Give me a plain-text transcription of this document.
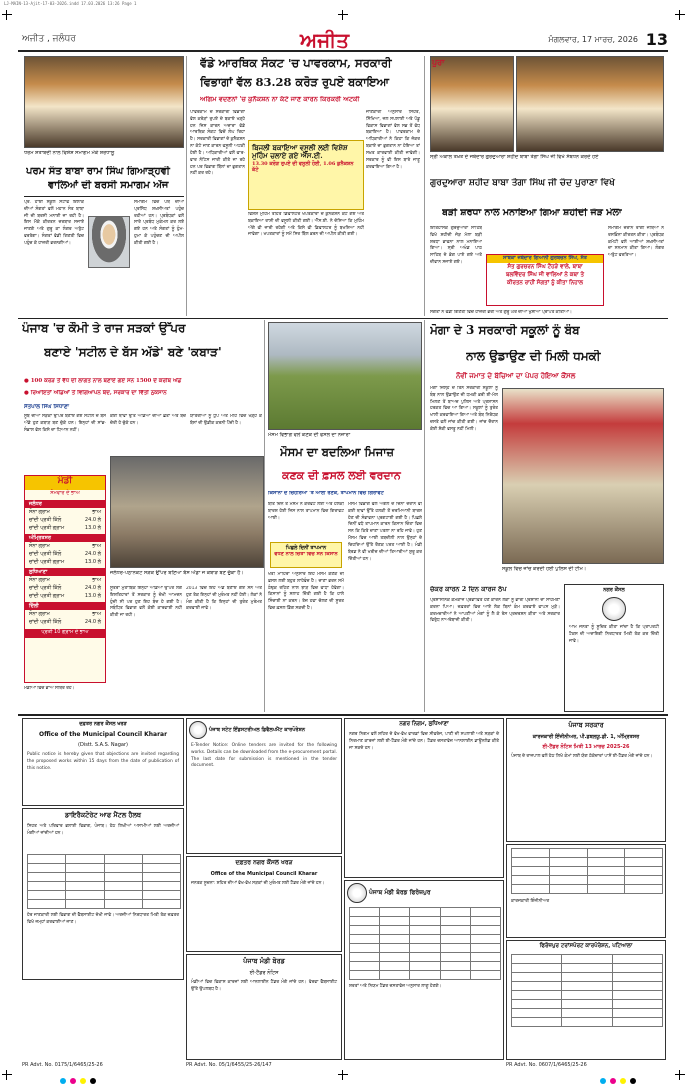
LJ-MAIN-13-Ajit-17-03-2026.indd 17.03.2026 13:26 Page 1
ਅਜੀਤ , ਜਲੰਧਰ	ਅਜੀਤ	ਮੰਗਲਵਾਰ, 17 ਮਾਰਚ, 2026 13
ਧਰਮ ਸ਼ਤਾਬਦੀ ਨਾਲ ਵਿਸ਼ੇਸ਼ ਸਮਾਗਮ ਮੌਕੇ ਸ਼ਰਧਾਲੂ
ਪਰਮ ਸੰਤ ਬਾਬਾ ਰਾਮ ਸਿੰਘ ਗਿਆੜ੍ਹਵੀ
ਵਾਲਿਆਂ ਦੀ ਬਰਸੀ ਸਮਾਗਮ ਅੱਜ
ਪ੍ਰ. ਹਾਈ ਸਕੂਲ ਸਟਾਫ ਇਲਾਕੇ ਦੀਆਂ ਸੰਗਤਾਂ ਵਲੋਂ ਮਹਾਨ ਸੰਤ ਬਾਬਾ ਜੀ ਦੀ ਬਰਸੀ ਮਨਾਈ ਜਾ ਰਹੀ ਹੈ। ਇਸ ਮੌਕੇ ਕੀਰਤਨ ਦਰਬਾਰ ਸਜਾਏ ਜਾਣਗੇ ਅਤੇ ਗੁਰੂ ਕਾ ਲੰਗਰ ਅਤੁੱਟ ਵਰਤੇਗਾ। ਸੰਗਤਾਂ ਵੱਡੀ ਗਿਣਤੀ ਵਿਚ ਪਹੁੰਚ ਕੇ ਹਾਜ਼ਰੀ ਭਰਨਗੀਆਂ।
ਸਮਾਗਮ ਵਿਚ ਪੰਥ ਦੀਆਂ ਪ੍ਰਸਿੱਧ ਸ਼ਖ਼ਸੀਅਤਾਂ ਪਹੁੰਚ ਰਹੀਆਂ ਹਨ। ਪ੍ਰਬੰਧਕਾਂ ਵਲੋਂ ਸਾਰੇ ਪ੍ਰਬੰਧ ਮੁਕੰਮਲ ਕਰ ਲਏ ਗਏ ਹਨ ਅਤੇ ਸੰਗਤਾਂ ਨੂੰ ਹੁੰਮ-ਹੁਮਾ ਕੇ ਪਹੁੰਚਣ ਦੀ ਅਪੀਲ ਕੀਤੀ ਗਈ ਹੈ।
ਵੱਡੇ ਆਰਥਿਕ ਸੰਕਟ 'ਚ ਪਾਵਰਕਾਮ, ਸਰਕਾਰੀ
ਵਿਭਾਗਾਂ ਵੱਲ 83.28 ਕਰੋੜ ਰੁਪਏ ਬਕਾਇਆ
ਅਗਿਮ ਵਦਣਨਾਂ 'ਚ ਕੁਨੈਕਸ਼ਨ ਨਾ ਕੱਟੇ ਜਾਣ ਕਾਰਨ ਕਿਰਕਰੀ ਅਟਕੀ
ਪਾਵਰਕਾਮ ਦੇ ਸਰਕਾਰੀ ਵਿਭਾਗਾਂ ਵੱਲ ਕਰੋੜਾਂ ਰੁਪਏ ਦੇ ਬਕਾਏ ਖੜ੍ਹੇ ਹਨ ਜਿਸ ਕਾਰਨ ਅਦਾਰਾ ਵੱਡੇ ਆਰਥਿਕ ਸੰਕਟ ਵਿਚੋਂ ਲੰਘ ਰਿਹਾ ਹੈ। ਸਰਕਾਰੀ ਵਿਭਾਗਾਂ ਦੇ ਕੁਨੈਕਸ਼ਨ ਨਾ ਕੱਟੇ ਜਾਣ ਕਾਰਨ ਵਸੂਲੀ ਅਟਕੀ ਹੋਈ ਹੈ। ਅਧਿਕਾਰੀਆਂ ਵਲੋਂ ਵਾਰ-ਵਾਰ ਨੋਟਿਸ ਜਾਰੀ ਕੀਤੇ ਜਾ ਰਹੇ ਹਨ ਪਰ ਵਿਭਾਗ ਬਿੱਲਾਂ ਦਾ ਭੁਗਤਾਨ ਨਹੀਂ ਕਰ ਰਹੇ।
ਬਿਜਲੀ ਬਕਾਇਆ ਵਸੂਲੀ ਲਈ ਵਿਸ਼ੇਸ਼ ਮੁਹਿੰਮ ਚਲਾਏ ਗਏ ਐੱਸ.ਈ.
13.30 ਕਰੋੜ ਰੁਪਏ ਦੀ ਵਸੂਲੀ ਹੋਈ, 1.06 ਕੁਨੈਕਸ਼ਨ ਕੱਟੇ
ਵਿਸ਼ੇਸ਼ ਮੁਹਿੰਮ ਤਹਿਤ ਡਿਫਾਲਟਰ ਖਪਤਕਾਰਾਂ ਦੇ ਕੁਨੈਕਸ਼ਨ ਕੱਟੇ ਗਏ ਅਤੇ ਬਕਾਇਆ ਰਾਸ਼ੀ ਦੀ ਵਸੂਲੀ ਕੀਤੀ ਗਈ। ਐੱਸ.ਈ. ਨੇ ਦੱਸਿਆ ਕਿ ਮੁਹਿੰਮ ਅੱਗੇ ਵੀ ਜਾਰੀ ਰਹੇਗੀ ਅਤੇ ਕਿਸੇ ਵੀ ਡਿਫਾਲਟਰ ਨੂੰ ਬਖਸ਼ਿਆ ਨਹੀਂ ਜਾਵੇਗਾ। ਖਪਤਕਾਰਾਂ ਨੂੰ ਸਮੇਂ ਸਿਰ ਬਿੱਲ ਭਰਨ ਦੀ ਅਪੀਲ ਕੀਤੀ ਗਈ।
ਜਾਣਕਾਰੀ ਅਨੁਸਾਰ ਸਿਹਤ, ਸਿੱਖਿਆ, ਜਲ ਸਪਲਾਈ ਅਤੇ ਪੇਂਡੂ ਵਿਕਾਸ ਵਿਭਾਗਾਂ ਵੱਲ ਸਭ ਤੋਂ ਵੱਧ ਬਕਾਇਆ ਹੈ। ਪਾਵਰਕਾਮ ਦੇ ਅਧਿਕਾਰੀਆਂ ਨੇ ਕਿਹਾ ਕਿ ਜੇਕਰ ਬਕਾਏ ਦਾ ਭੁਗਤਾਨ ਨਾ ਹੋਇਆ ਤਾਂ ਸਖ਼ਤ ਕਾਰਵਾਈ ਕੀਤੀ ਜਾਵੇਗੀ। ਸਰਕਾਰ ਨੂੰ ਵੀ ਇਸ ਬਾਰੇ ਜਾਣੂ ਕਰਵਾਇਆ ਗਿਆ ਹੈ।
ਪੂਰਾ
ਸ੍ਰੀ ਅਕਾਲ ਤਖ਼ਤ ਦੇ ਜਥੇਦਾਰ ਗੁਰਦੁਆਰਾ ਸ਼ਹੀਦ ਬਾਬਾ ਤੇਗਾ ਸਿੰਘ ਜੀ ਵਿਖੇ ਸੰਬੋਧਨ ਕਰਦੇ ਹੋਏ
ਗੁਰਦੁਆਰਾ ਸ਼ਹੀਦ ਬਾਬਾ ਤੇਗਾ ਸਿੰਘ ਜੀ ਚੰਦ ਪੁਰਾਣਾ ਵਿਖੇ
ਬੜੀ ਸ਼ਰਧਾ ਨਾਲ ਮਨਾਇਆ ਗਿਆ ਸ਼ਹੀਦੀ ਜੋੜ ਮੇਲਾ
ਇਤਿਹਾਸਕ ਗੁਰਦੁਆਰਾ ਸਾਹਿਬ ਵਿਖੇ ਸ਼ਹੀਦੀ ਜੋੜ ਮੇਲਾ ਬੜੀ ਸ਼ਰਧਾ ਭਾਵਨਾ ਨਾਲ ਮਨਾਇਆ ਗਿਆ। ਸ੍ਰੀ ਅਖੰਡ ਪਾਠ ਸਾਹਿਬ ਦੇ ਭੋਗ ਪਾਏ ਗਏ ਅਤੇ ਦੀਵਾਨ ਸਜਾਏ ਗਏ।
ਸਾਬਕਾ ਜਥੇਦਾਰ ਗਿਆਨੀ ਗੁਰਬਚਨ ਸਿੰਘ, ਸੰਤ
ਸੰਤ ਗੁਰਚਰਨ ਸਿੰਘ ਟੌਹੜੇ ਵਾਲੇ, ਬਾਬਾ
ਬਲਵਿੰਦਰ ਸਿੰਘ ਜੀ ਵਾਲਿਆਂ ਨੇ ਕਥਾ ਤੇ
ਕੀਰਤਨ ਰਾਹੀਂ ਸੰਗਤਾਂ ਨੂੰ ਕੀਤਾ ਨਿਹਾਲ
ਸਮਾਗਮ ਦੌਰਾਨ ਰਾਗੀ ਜਥਿਆਂ ਨੇ ਰਸਭਿੰਨਾ ਕੀਰਤਨ ਕੀਤਾ। ਪ੍ਰਬੰਧਕ ਕਮੇਟੀ ਵਲੋਂ ਆਈਆਂ ਸ਼ਖ਼ਸੀਅਤਾਂ ਦਾ ਸਨਮਾਨ ਕੀਤਾ ਗਿਆ। ਲੰਗਰ ਅਤੁੱਟ ਵਰਤਿਆ।
ਸੰਗਤਾਂ ਨੇ ਵੱਡੀ ਗਿਣਤੀ ਵਿਚ ਹਾਜ਼ਰੀ ਭਰੀ ਅਤੇ ਗੁਰੂ ਘਰ ਦੀਆਂ ਖੁਸ਼ੀਆਂ ਪ੍ਰਾਪਤ ਕੀਤੀਆਂ।
ਪੰਜਾਬ 'ਚ ਕੌਮੀ ਤੇ ਰਾਜ ਸੜਕਾਂ ਉੱਪਰ
ਬਣਾਏ 'ਸਟੀਲ ਦੇ ਬੱਸ ਅੱਡੇ' ਬਣੇ 'ਕਬਾੜ'
● 100 ਕਰੋੜ ਤੋਂ ਵੱਧ ਦੀ ਲਾਗਤ ਨਾਲ ਬਣਾਏ ਗਏ ਸਨ 1500 ਦੇ ਕਰੀਬ ਅੱਡੇ
● ਰਿਆਇਤਾਂ ਅੱਡਿਆਂ ਤੋਂ ਵਿਗਿਆਪਨ ਬੰਦ, ਸਰਕਾਰ ਦਾ ਵਿੱਤੀ ਨੁਕਸਾਨ
ਸੰਤਪਾਲ ਸਿੰਘ ਸਿਧਾਣਾ
ਸੂਬੇ ਦੀਆਂ ਸੜਕਾਂ ਉੱਪਰ ਬਣਾਏ ਗਏ ਸਟੀਲ ਦੇ ਬੱਸ ਅੱਡੇ ਹੁਣ ਕਬਾੜ ਬਣ ਚੁੱਕੇ ਹਨ। ਇਨ੍ਹਾਂ ਦੀ ਸਾਂਭ-ਸੰਭਾਲ ਵੱਲ ਕਿਸੇ ਦਾ ਧਿਆਨ ਨਹੀਂ।
ਕਈ ਥਾਵਾਂ ਉੱਤੇ ਅੱਡਿਆਂ ਦੀਆਂ ਛੱਤਾਂ ਅਤੇ ਬੈਂਚ ਚੋਰੀ ਹੋ ਚੁੱਕੇ ਹਨ।
ਯਾਤਰੀਆਂ ਨੂੰ ਧੁੱਪ ਅਤੇ ਮੀਂਹ ਵਿਚ ਖੜ੍ਹ ਕੇ ਬੱਸਾਂ ਦੀ ਉਡੀਕ ਕਰਨੀ ਪੈਂਦੀ ਹੈ।
ਜਲੰਧਰ-ਪਠਾਨਕੋਟ ਸੜਕ ਉੱਪਰ ਬਣਿਆ ਬੱਸ ਅੱਡਾ ਜੋ ਕਬਾੜ ਬਣ ਚੁੱਕਾ ਹੈ।
ਸੂਤਰਾਂ ਮੁਤਾਬਿਕ ਇਨ੍ਹਾਂ ਅੱਡਿਆਂ ਉੱਪਰ ਲੱਗੇ ਇਸ਼ਤਿਹਾਰਾਂ ਤੋਂ ਸਰਕਾਰ ਨੂੰ ਚੋਖੀ ਆਮਦਨ ਹੁੰਦੀ ਸੀ ਪਰ ਹੁਣ ਇਹ ਬੰਦ ਹੋ ਗਈ ਹੈ। ਸਬੰਧਿਤ ਵਿਭਾਗ ਵਲੋਂ ਕੋਈ ਕਾਰਵਾਈ ਨਹੀਂ ਕੀਤੀ ਜਾ ਰਹੀ।
2013 ਵਿਚ ਇਹ ਅੱਡੇ ਬਣਾਏ ਗਏ ਸਨ ਅਤੇ ਹੁਣ ਤੱਕ ਇਨ੍ਹਾਂ ਦੀ ਮੁਰੰਮਤ ਨਹੀਂ ਹੋਈ। ਲੋਕਾਂ ਨੇ ਮੰਗ ਕੀਤੀ ਹੈ ਕਿ ਇਨ੍ਹਾਂ ਦੀ ਤੁਰੰਤ ਮੁਰੰਮਤ ਕਰਵਾਈ ਜਾਵੇ।
ਮੰਡੀ
ਸੋਮਵਾਰ ਦੇ ਭਾਅ
ਜਲੰਧਰ
ਸੋਨਾ ਗ੍ਰਾਮ	ਭਾਅ
ਚਾਂਦੀ ਪ੍ਰਤੀ ਕਿੱਲੋ	24.0 ਲੱ
ਚਾਂਦੀ ਪ੍ਰਤੀ ਗ੍ਰਾਮ	13.0 ਲੱ
ਅੰਮ੍ਰਿਤਸਰ
ਸੋਨਾ ਗ੍ਰਾਮ	ਭਾਅ
ਚਾਂਦੀ ਪ੍ਰਤੀ ਕਿੱਲੋ	24.0 ਲੱ
ਚਾਂਦੀ ਪ੍ਰਤੀ ਗ੍ਰਾਮ	13.0 ਲੱ
ਲੁਧਿਆਣਾ
ਸੋਨਾ ਗ੍ਰਾਮ	ਭਾਅ
ਚਾਂਦੀ ਪ੍ਰਤੀ ਕਿੱਲੋ	24.0 ਲੱ
ਚਾਂਦੀ ਪ੍ਰਤੀ ਗ੍ਰਾਮ	13.0 ਲੱ
ਦਿੱਲੀ
ਸੋਨਾ ਗ੍ਰਾਮ	ਭਾਅ
ਚਾਂਦੀ ਪ੍ਰਤੀ ਕਿੱਲੋ	24.0 ਲੱ
ਪ੍ਰਤੀ 10 ਗ੍ਰਾਮ ਦੇ ਭਾਅ
ਮੰਡੀਆਂ ਵਿਚ ਭਾਅ ਸਥਿਰ ਰਹੇ।
ਮੌਸਮ ਵਿਭਾਗ ਵਲੋਂ ਕਣਕ ਦੀ ਫਸਲ ਦਾ ਨਜ਼ਾਰਾ
ਮੌਸਮ ਦਾ ਬਦਲਿਆ ਮਿਜਾਜ਼
ਕਣਕ ਦੀ ਫ਼ਸਲ ਲਈ ਵਰਦਾਨ
ਕਿਸਾਨਾਂ ਦੇ ਚਿਹਰਿਆਂ 'ਤੇ ਆਈ ਰੌਣਕ, ਤਾਪਮਾਨ ਵਿਚ ਗਿਰਾਵਟ
ਬੀਤੇ ਦਿਨ ਤੋਂ ਮੌਸਮ ਨੇ ਕਰਵਟ ਲਈ ਅਤੇ ਹਲਕੀ ਬਾਰਸ਼ ਹੋਈ ਜਿਸ ਨਾਲ ਤਾਪਮਾਨ ਵਿਚ ਗਿਰਾਵਟ ਆਈ।
ਪਿਛਲੇ ਦਿਨੀਂ ਤਾਪਮਾਨ
ਵਧਣ ਨਾਲ ਚਿੰਤਾ ਵਿਚ ਸਨ ਕਿਸਾਨ
ਖੇਤੀ ਮਾਹਿਰਾਂ ਅਨੁਸਾਰ ਇਹ ਮੌਸਮ ਕਣਕ ਦੀ ਫ਼ਸਲ ਲਈ ਬਹੁਤ ਲਾਹੇਵੰਦ ਹੈ। ਦਾਣਾ ਭਰਨ ਸਮੇਂ ਠੰਢਕ ਰਹਿਣ ਨਾਲ ਝਾੜ ਵਿਚ ਵਾਧਾ ਹੋਵੇਗਾ। ਕਿਸਾਨਾਂ ਨੂੰ ਸਲਾਹ ਦਿੱਤੀ ਗਈ ਹੈ ਕਿ ਹਾਲੇ ਸਿੰਚਾਈ ਨਾ ਕਰਨ। ਤੇਜ਼ ਹਵਾ ਚੱਲਣ ਦੀ ਸੂਰਤ ਵਿਚ ਫ਼ਸਲ ਡਿੱਗ ਸਕਦੀ ਹੈ।
ਮੌਸਮ ਵਿਭਾਗ ਵਲੋਂ ਅਗਲੇ ਦੋ ਦਿਨਾਂ ਦੌਰਾਨ ਵੀ ਕਈ ਥਾਵਾਂ ਉੱਤੇ ਹਲਕੀ ਤੋਂ ਦਰਮਿਆਨੀ ਬਾਰਸ਼ ਹੋਣ ਦੀ ਸੰਭਾਵਨਾ ਪ੍ਰਗਟਾਈ ਗਈ ਹੈ। ਪਿਛਲੇ ਦਿਨੀਂ ਵਧੇ ਤਾਪਮਾਨ ਕਾਰਨ ਕਿਸਾਨ ਚਿੰਤਾ ਵਿਚ ਸਨ ਕਿ ਕਿਤੇ ਦਾਣਾ ਪਤਲਾ ਨਾ ਰਹਿ ਜਾਵੇ। ਹੁਣ ਮੌਸਮ ਵਿਚ ਆਈ ਤਬਦੀਲੀ ਨਾਲ ਉਨ੍ਹਾਂ ਦੇ ਚਿਹਰਿਆਂ ਉੱਤੇ ਰੌਣਕ ਪਰਤ ਆਈ ਹੈ। ਮੰਡੀ ਬੋਰਡ ਨੇ ਵੀ ਖਰੀਦ ਦੀਆਂ ਤਿਆਰੀਆਂ ਸ਼ੁਰੂ ਕਰ ਦਿੱਤੀਆਂ ਹਨ।
ਮੋਗਾ ਦੇ 3 ਸਰਕਾਰੀ ਸਕੂਲਾਂ ਨੂੰ ਬੰਬ
ਨਾਲ ਉਡਾਉਣ ਦੀ ਮਿਲੀ ਧਮਕੀ
ਨੌਵੀਂ ਜਮਾਤ ਦੇ ਬੱਚਿਆਂ ਦਾ ਪੇਪਰ ਹੋਇਆ ਕੈਂਸਲ
ਮੋਗਾ ਜ਼ਿਲ੍ਹੇ ਦੇ ਤਿੰਨ ਸਰਕਾਰੀ ਸਕੂਲਾਂ ਨੂੰ ਬੰਬ ਨਾਲ ਉਡਾਉਣ ਦੀ ਧਮਕੀ ਭਰੀ ਈ-ਮੇਲ ਮਿਲਣ ਤੋਂ ਬਾਅਦ ਪੁਲਿਸ ਅਤੇ ਪ੍ਰਸ਼ਾਸਨ ਹਰਕਤ ਵਿਚ ਆ ਗਿਆ। ਸਕੂਲਾਂ ਨੂੰ ਤੁਰੰਤ ਖਾਲੀ ਕਰਵਾਇਆ ਗਿਆ ਅਤੇ ਬੰਬ ਨਿਰੋਧਕ ਦਸਤੇ ਵਲੋਂ ਜਾਂਚ ਕੀਤੀ ਗਈ। ਜਾਂਚ ਦੌਰਾਨ ਕੋਈ ਸ਼ੱਕੀ ਵਸਤੂ ਨਹੀਂ ਮਿਲੀ।
ਸਕੂਲ ਵਿਚ ਜਾਂਚ ਕਰਦੀ ਹੋਈ ਪੁਲਿਸ ਦੀ ਟੀਮ।
ਚੱਕਰ ਕਾਰਨ 2 ਦਿਨ ਕਾਰਜ ਠੱਪ
ਪ੍ਰਸ਼ਾਸਨਿਕ ਕੰਮਕਾਜ ਪ੍ਰਭਾਵਿਤ ਹੋਣ ਕਾਰਨ ਲੋਕਾਂ ਨੂੰ ਭਾਰੀ ਪ੍ਰੇਸ਼ਾਨੀ ਦਾ ਸਾਹਮਣਾ ਕਰਨਾ ਪਿਆ। ਦਫ਼ਤਰਾਂ ਵਿਚ ਆਏ ਲੋਕ ਬਿਨਾਂ ਕੰਮ ਕਰਵਾਏ ਵਾਪਸ ਮੁੜੇ। ਕਰਮਚਾਰੀਆਂ ਨੇ ਆਪਣੀਆਂ ਮੰਗਾਂ ਨੂੰ ਲੈ ਕੇ ਰੋਸ ਪ੍ਰਦਰਸ਼ਨ ਕੀਤਾ ਅਤੇ ਸਰਕਾਰ ਵਿਰੁੱਧ ਨਾਅਰੇਬਾਜ਼ੀ ਕੀਤੀ।
ਨਗਰ ਕੌਂਸਲ
ਆਮ ਜਨਤਾ ਨੂੰ ਸੂਚਿਤ ਕੀਤਾ ਜਾਂਦਾ ਹੈ ਕਿ ਪ੍ਰਾਪਰਟੀ ਟੈਕਸ ਦੀ ਅਦਾਇਗੀ ਨਿਰਧਾਰਤ ਮਿਤੀ ਤੱਕ ਕਰ ਦਿੱਤੀ ਜਾਵੇ।
ਦਫ਼ਤਰ ਨਗਰ ਕੌਂਸਲ ਖਰੜ
Office of the Municipal Council Kharar
(Distt. S.A.S. Nagar)
Public notice is hereby given that objections are invited regarding the proposed works within 15 days from the date of publication of this notice.
ਡਾਇਰੈਕਟੋਰੇਟ ਆਫ ਮੈਂਟਲ ਹੈਲਥ
ਸਿਹਤ ਅਤੇ ਪਰਿਵਾਰ ਭਲਾਈ ਵਿਭਾਗ, ਪੰਜਾਬ। ਹੇਠ ਲਿਖੀਆਂ ਅਸਾਮੀਆਂ ਲਈ ਅਰਜ਼ੀਆਂ ਮੰਗੀਆਂ ਜਾਂਦੀਆਂ ਹਨ।

ਹੋਰ ਜਾਣਕਾਰੀ ਲਈ ਵਿਭਾਗ ਦੀ ਵੈੱਬਸਾਈਟ ਦੇਖੀ ਜਾਵੇ। ਅਰਜ਼ੀਆਂ ਨਿਰਧਾਰਤ ਮਿਤੀ ਤੱਕ ਦਫ਼ਤਰ ਵਿਖੇ ਜਮ੍ਹਾਂ ਕਰਵਾਈਆਂ ਜਾਣ।
PR Advt. No. 0175/1/6465/25-26
ਪੰਜਾਬ ਸਟੇਟ ਇੰਡਸਟਰੀਅਲ ਡਿਵੈਲਪਮੈਂਟ ਕਾਰਪੋਰੇਸ਼ਨ
E-Tender Notice: Online tenders are invited for the following works. Details can be downloaded from the e-procurement portal. The last date for submission is mentioned in the tender document.
ਦਫ਼ਤਰ ਨਗਰ ਕੌਂਸਲ ਖਰੜ
Office of the Municipal Council Kharar
ਜਨਤਕ ਸੂਚਨਾ: ਸ਼ਹਿਰ ਦੀਆਂ ਵੱਖ-ਵੱਖ ਸੜਕਾਂ ਦੀ ਮੁਰੰਮਤ ਲਈ ਟੈਂਡਰ ਮੰਗੇ ਜਾਂਦੇ ਹਨ।
ਪੰਜਾਬ ਮੰਡੀ ਬੋਰਡ
ਈ-ਟੈਂਡਰ ਨੋਟਿਸ
ਮੰਡੀਆਂ ਵਿਚ ਵਿਕਾਸ ਕਾਰਜਾਂ ਲਈ ਆਨਲਾਈਨ ਟੈਂਡਰ ਮੰਗੇ ਜਾਂਦੇ ਹਨ। ਵੇਰਵਾ ਵੈੱਬਸਾਈਟ ਉੱਤੇ ਉਪਲਬਧ ਹੈ।
PR Advt. No. 05/1/6455/25-26/147
ਨਗਰ ਨਿਗਮ, ਲੁਧਿਆਣਾ
ਨਗਰ ਨਿਗਮ ਵਲੋਂ ਸ਼ਹਿਰ ਦੇ ਵੱਖ-ਵੱਖ ਵਾਰਡਾਂ ਵਿਚ ਸੀਵਰੇਜ, ਪਾਣੀ ਦੀ ਸਪਲਾਈ ਅਤੇ ਸੜਕਾਂ ਦੇ ਨਿਰਮਾਣ ਕਾਰਜਾਂ ਲਈ ਈ-ਟੈਂਡਰ ਮੰਗੇ ਜਾਂਦੇ ਹਨ। ਟੈਂਡਰ ਦਸਤਾਵੇਜ਼ ਆਨਲਾਈਨ ਡਾਊਨਲੋਡ ਕੀਤੇ ਜਾ ਸਕਦੇ ਹਨ।
ਪੰਜਾਬ ਮੰਡੀ ਬੋਰਡ ਫਿਰੋਜ਼ਪੁਰ

ਸ਼ਰਤਾਂ ਅਤੇ ਨਿਯਮ ਟੈਂਡਰ ਦਸਤਾਵੇਜ਼ ਅਨੁਸਾਰ ਲਾਗੂ ਹੋਣਗੇ।
ਪੰਜਾਬ ਸਰਕਾਰ
ਕਾਰਜਕਾਰੀ ਇੰਜੀਨੀਅਰ, ਪੀ.ਡਬਲਯੂ.ਡੀ. 1, ਅੰਮ੍ਰਿਤਸਰ
ਈ-ਟੈਂਡਰ ਨੋਟਿਸ ਮਿਤੀ 13 ਮਾਰਚ 2025-26
ਪੰਜਾਬ ਦੇ ਰਾਜਪਾਲ ਵਲੋਂ ਹੇਠ ਲਿਖੇ ਕੰਮਾਂ ਲਈ ਯੋਗ ਠੇਕੇਦਾਰਾਂ ਪਾਸੋਂ ਈ-ਟੈਂਡਰ ਮੰਗੇ ਜਾਂਦੇ ਹਨ।

ਕਾਰਜਕਾਰੀ ਇੰਜੀਨੀਅਰ
ਫਿਰੋਜ਼ਪੁਰ ਟਰਾਂਸਪੋਰਟ ਕਾਰਪੋਰੇਸ਼ਨ, ਪਟਿਆਲਾ

PR Advt. No. 0607/1/6465/25-26
